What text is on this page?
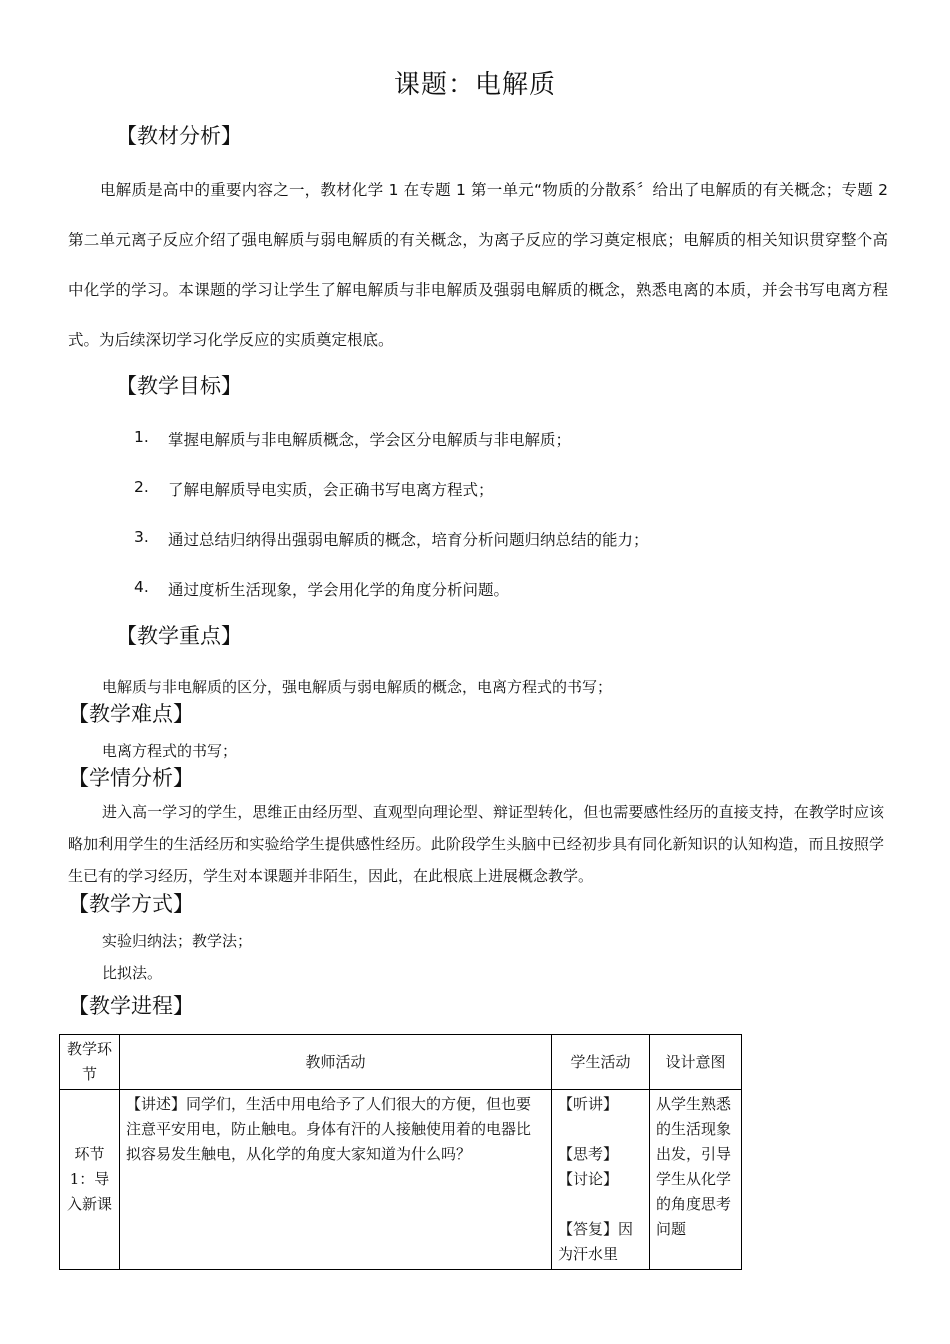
课题：电解质
【教材分析】
电解质是高中的重要内容之一，教材化学 1 在专题 1 第一单元“物质的分散系〞给出了电解质的有关概念；专题 2 第二单元离子反应介绍了强电解质与弱电解质的有关概念，为离子反应的学习奠定根底；电解质的相关知识贯穿整个高中化学的学习。本课题的学习让学生了解电解质与非电解质及强弱电解质的概念，熟悉电离的本质，并会书写电离方程式。为后续深切学习化学反应的实质奠定根底。
【教学目标】
1. 掌握电解质与非电解质概念，学会区分电解质与非电解质；
2. 了解电解质导电实质，会正确书写电离方程式；
3. 通过总结归纳得出强弱电解质的概念，培育分析问题归纳总结的能力；
4. 通过度析生活现象，学会用化学的角度分析问题。
【教学重点】
电解质与非电解质的区分，强电解质与弱电解质的概念，电离方程式的书写；
【教学难点】
电离方程式的书写；
【学情分析】
进入高一学习的学生，思维正由经历型、直观型向理论型、辩证型转化，但也需要感性经历的直接支持，在教学时应该略加利用学生的生活经历和实验给学生提供感性经历。此阶段学生头脑中已经初步具有同化新知识的认知构造，而且按照学生已有的学习经历，学生对本课题并非陌生，因此，在此根底上进展概念教学。
【教学方式】
实验归纳法；教学法；
比拟法。
【教学进程】
教学环节	教师活动	学生活动	设计意图
环节1：导入新课	【讲述】同学们，生活中用电给予了人们很大的方便，但也要注意平安用电，防止触电。身体有汗的人接触使用着的电器比拟容易发生触电，从化学的角度大家知道为什么吗？	【听讲】
【思考】
【讨论】
【答复】因为汗水里	从学生熟悉的生活现象出发，引导学生从化学的角度思考问题
